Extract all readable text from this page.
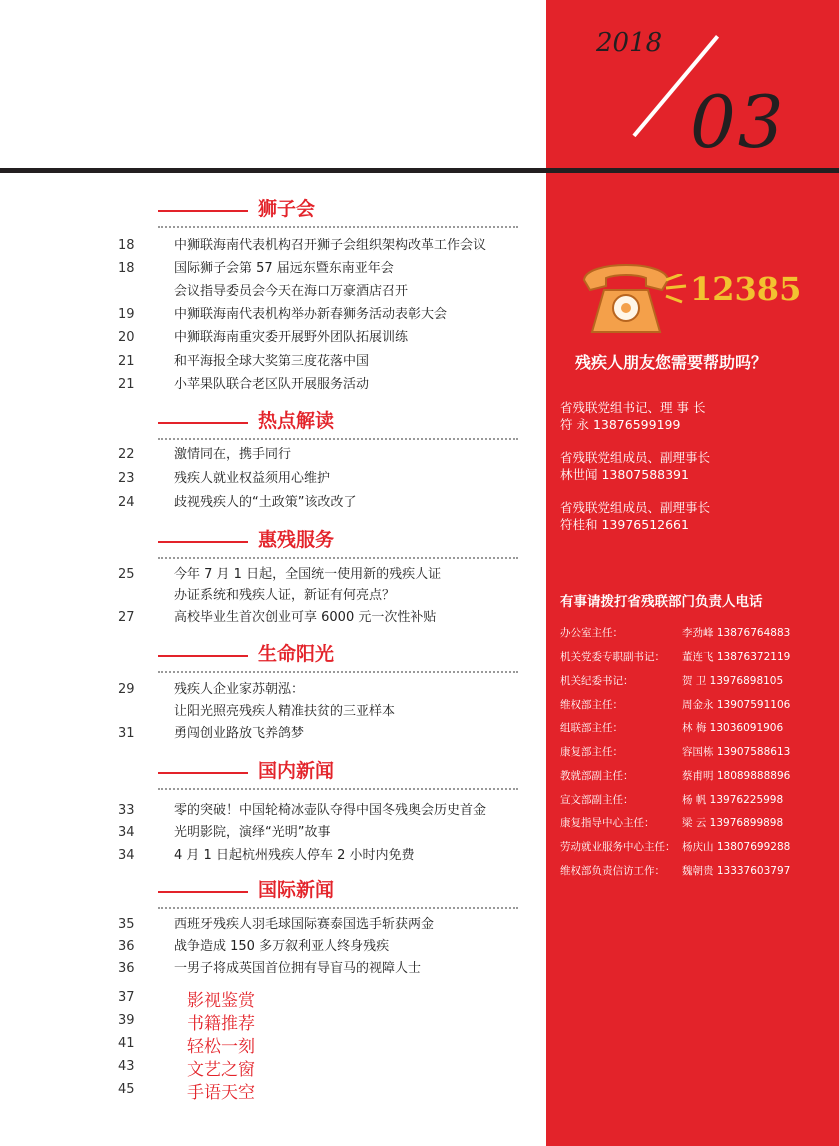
2018
03
狮子会
18	中狮联海南代表机构召开狮子会组织架构改革工作会议
18	国际狮子会第 57 届远东暨东南亚年会
会议指导委员会今天在海口万豪酒店召开
19	中狮联海南代表机构举办新春狮务活动表彰大会
20	中狮联海南重灾委开展野外团队拓展训练
21	和平海报全球大奖第三度花落中国
21	小苹果队联合老区队开展服务活动
热点解读
22	激情同在，携手同行
23	残疾人就业权益须用心维护
24	歧视残疾人的“土政策”该改改了
惠残服务
25	今年 7 月 1 日起，全国统一使用新的残疾人证
办证系统和残疾人证，新证有何亮点？
27	高校毕业生首次创业可享 6000 元一次性补贴
生命阳光
29	残疾人企业家苏朝泓：
让阳光照亮残疾人精准扶贫的三亚样本
31	勇闯创业路放飞养鸽梦
国内新闻
33	零的突破！中国轮椅冰壶队夺得中国冬残奥会历史首金
34	光明影院，演绎“光明”故事
34	4 月 1 日起杭州残疾人停车 2 小时内免费
国际新闻
35	西班牙残疾人羽毛球国际赛泰国选手斩获两金
36	战争造成 150 多万叙利亚人终身残疾
36	一男子将成英国首位拥有导盲马的视障人士
37	影视鉴赏
39	书籍推荐
41	轻松一刻
43	文艺之窗
45	手语天空
12385
残疾人朋友您需要帮助吗？
省残联党组书记、理 事 长
符 永 13876599199
省残联党组成员、副理事长
林世闻 13807588391
省残联党组成员、副理事长
符桂和 13976512661
有事请拨打省残联部门负责人电话
办公室主任：	李劲峰 13876764883
机关党委专职副书记： 董连飞 13876372119
机关纪委书记：	贺 卫 13976898105
维权部主任：	周金永 13907591106
组联部主任：	林 梅 13036091906
康复部主任：	容国栋 13907588613
教就部副主任：	蔡甫明 18089888896
宣文部副主任：	杨 帆 13976225998
康复指导中心主任：	梁 云 13976899898
劳动就业服务中心主任： 杨庆山 13807699288
维权部负责信访工作： 魏朝贵 13337603797
